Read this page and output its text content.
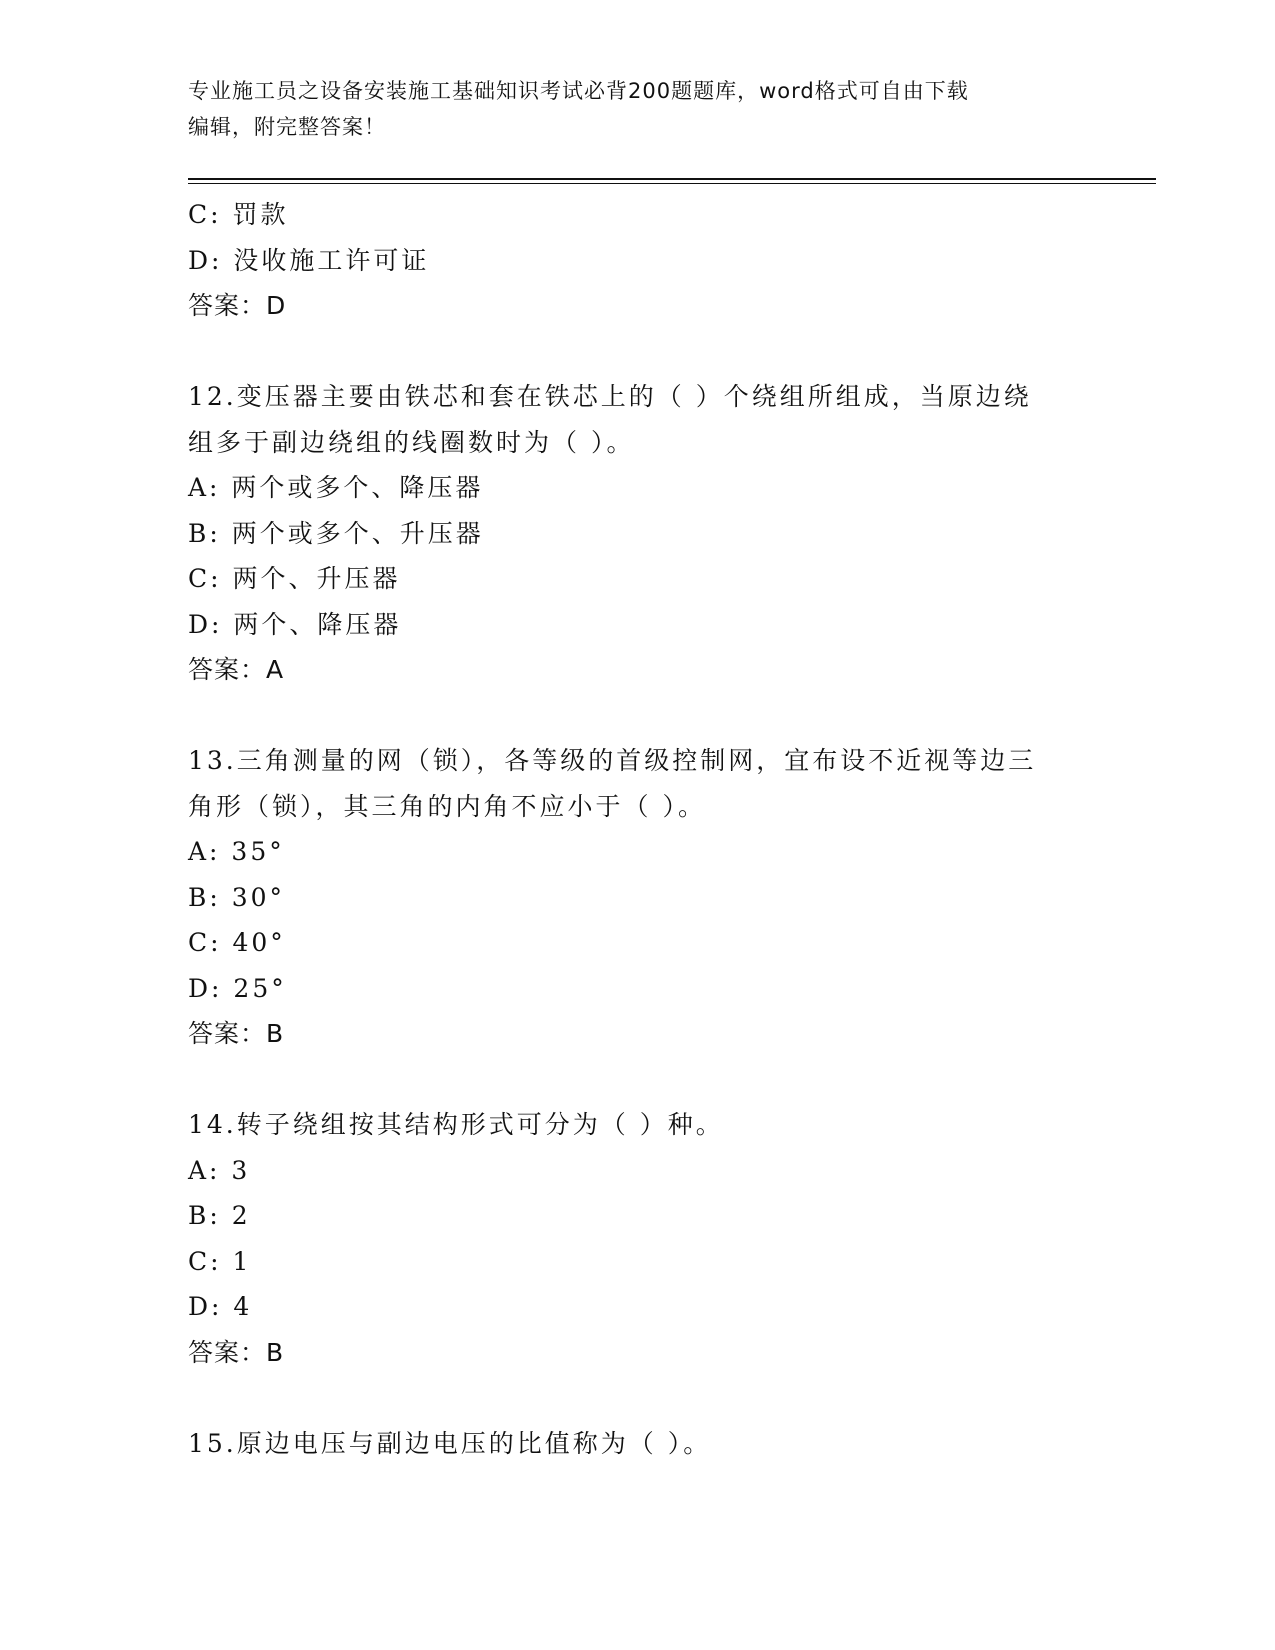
专业施工员之设备安装施工基础知识考试必背200题题库，word格式可自由下载
编辑，附完整答案！
C: 罚款
D: 没收施工许可证
答案：D
12.变压器主要由铁芯和套在铁芯上的（ ）个绕组所组成，当原边绕
组多于副边绕组的线圈数时为（ ）。
A: 两个或多个、降压器
B: 两个或多个、升压器
C: 两个、升压器
D: 两个、降压器
答案：A
13.三角测量的网（锁），各等级的首级控制网，宜布设不近视等边三
角形（锁），其三角的内角不应小于（ ）。
A: 35°
B: 30°
C: 40°
D: 25°
答案：B
14.转子绕组按其结构形式可分为（ ）种。
A: 3
B: 2
C: 1
D: 4
答案：B
15.原边电压与副边电压的比值称为（ ）。
